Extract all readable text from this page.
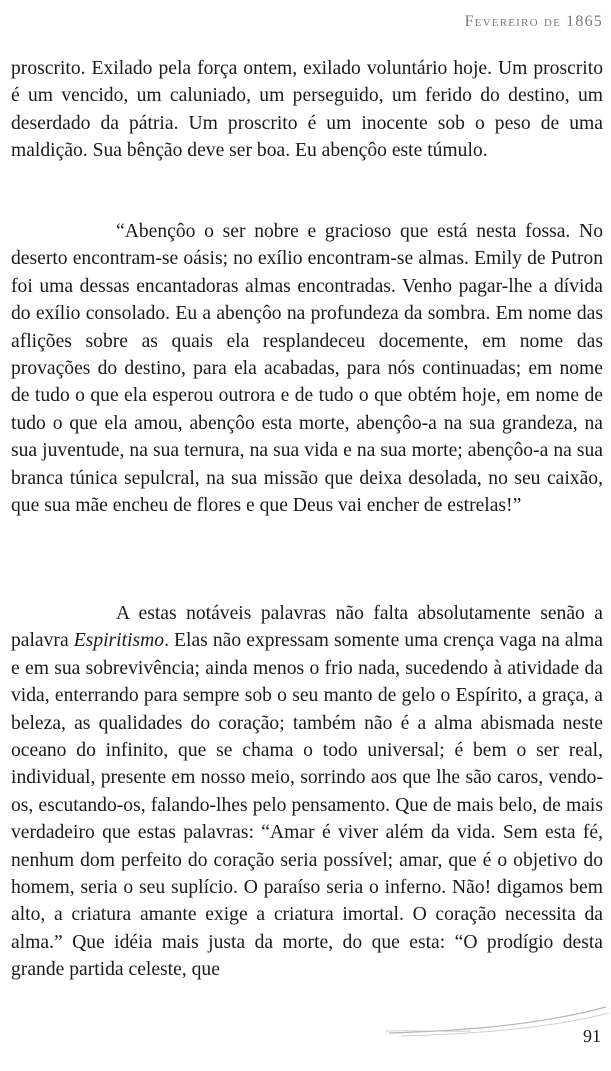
Fevereiro de 1865

proscrito. Exilado pela força ontem, exilado voluntário hoje. Um proscrito é um vencido, um caluniado, um perseguido, um ferido do destino, um deserdado da pátria. Um proscrito é um inocente sob o peso de uma maldição. Sua bênção deve ser boa. Eu abençôo este túmulo.

“Abençôo o ser nobre e gracioso que está nesta fossa. No deserto encontram-se oásis; no exílio encontram-se almas. Emily de Putron foi uma dessas encantadoras almas encontradas. Venho pagar-lhe a dívida do exílio consolado. Eu a abençôo na profundeza da sombra. Em nome das aflições sobre as quais ela resplandeceu docemente, em nome das provações do destino, para ela acabadas, para nós continuadas; em nome de tudo o que ela esperou outrora e de tudo o que obtém hoje, em nome de tudo o que ela amou, abençôo esta morte, abençôo-a na sua grandeza, na sua juventude, na sua ternura, na sua vida e na sua morte; abençôo-a na sua branca túnica sepulcral, na sua missão que deixa desolada, no seu caixão, que sua mãe encheu de flores e que Deus vai encher de estrelas!”

A estas notáveis palavras não falta absolutamente senão a palavra Espiritismo. Elas não expressam somente uma crença vaga na alma e em sua sobrevivência; ainda menos o frio nada, sucedendo à atividade da vida, enterrando para sempre sob o seu manto de gelo o Espírito, a graça, a beleza, as qualidades do coração; também não é a alma abismada neste oceano do infinito, que se chama o todo universal; é bem o ser real, individual, presente em nosso meio, sorrindo aos que lhe são caros, vendo-os, escutando-os, falando-lhes pelo pensamento. Que de mais belo, de mais verdadeiro que estas palavras: “Amar é viver além da vida. Sem esta fé, nenhum dom perfeito do coração seria possível; amar, que é o objetivo do homem, seria o seu suplício. O paraíso seria o inferno. Não! digamos bem alto, a criatura amante exige a criatura imortal. O coração necessita da alma.” Que idéia mais justa da morte, do que esta: “O prodígio desta grande partida celeste, que

91
